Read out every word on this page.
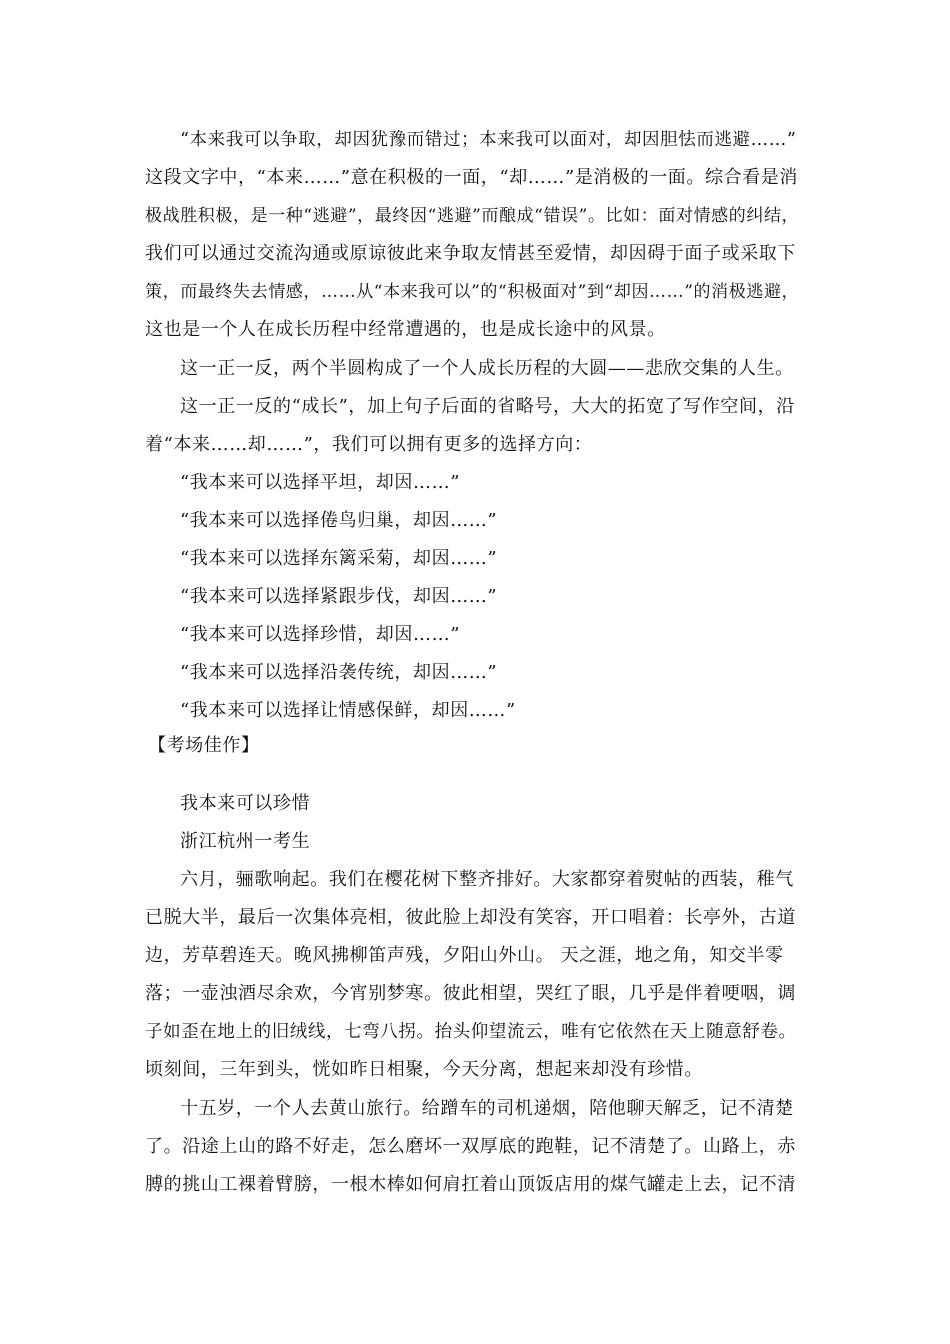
“本来我可以争取，却因犹豫而错过；本来我可以面对，却因胆怯而逃避……”
这段文字中，“本来……”意在积极的一面，“却……”是消极的一面。综合看是消
极战胜积极，是一种“逃避”，最终因“逃避”而酿成“错误”。比如：面对情感的纠结，
我们可以通过交流沟通或原谅彼此来争取友情甚至爱情，却因碍于面子或采取下
策，而最终失去情感，……从“本来我可以”的“积极面对”到“却因……”的消极逃避，
这也是一个人在成长历程中经常遭遇的，也是成长途中的风景。
这一正一反，两个半圆构成了一个人成长历程的大圆——悲欣交集的人生。
这一正一反的“成长”，加上句子后面的省略号，大大的拓宽了写作空间，沿
着“本来……却……”，我们可以拥有更多的选择方向：
“我本来可以选择平坦，却因……”
“我本来可以选择倦鸟归巢，却因……”
“我本来可以选择东篱采菊，却因……”
“我本来可以选择紧跟步伐，却因……”
“我本来可以选择珍惜，却因……”
“我本来可以选择沿袭传统，却因……”
“我本来可以选择让情感保鲜，却因……”
【考场佳作】
我本来可以珍惜
浙江杭州一考生
六月，骊歌响起。我们在樱花树下整齐排好。大家都穿着熨帖的西装，稚气
已脱大半，最后一次集体亮相，彼此脸上却没有笑容，开口唱着：长亭外，古道
边，芳草碧连天。晚风拂柳笛声残，夕阳山外山。 天之涯，地之角，知交半零
落；一壶浊酒尽余欢，今宵别梦寒。彼此相望，哭红了眼，几乎是伴着哽咽，调
子如歪在地上的旧绒线，七弯八拐。抬头仰望流云，唯有它依然在天上随意舒卷。
顷刻间，三年到头，恍如昨日相聚，今天分离，想起来却没有珍惜。
十五岁，一个人去黄山旅行。给蹭车的司机递烟，陪他聊天解乏，记不清楚
了。沿途上山的路不好走，怎么磨坏一双厚底的跑鞋，记不清楚了。山路上，赤
膊的挑山工裸着臂膀，一根木棒如何肩扛着山顶饭店用的煤气罐走上去，记不清
